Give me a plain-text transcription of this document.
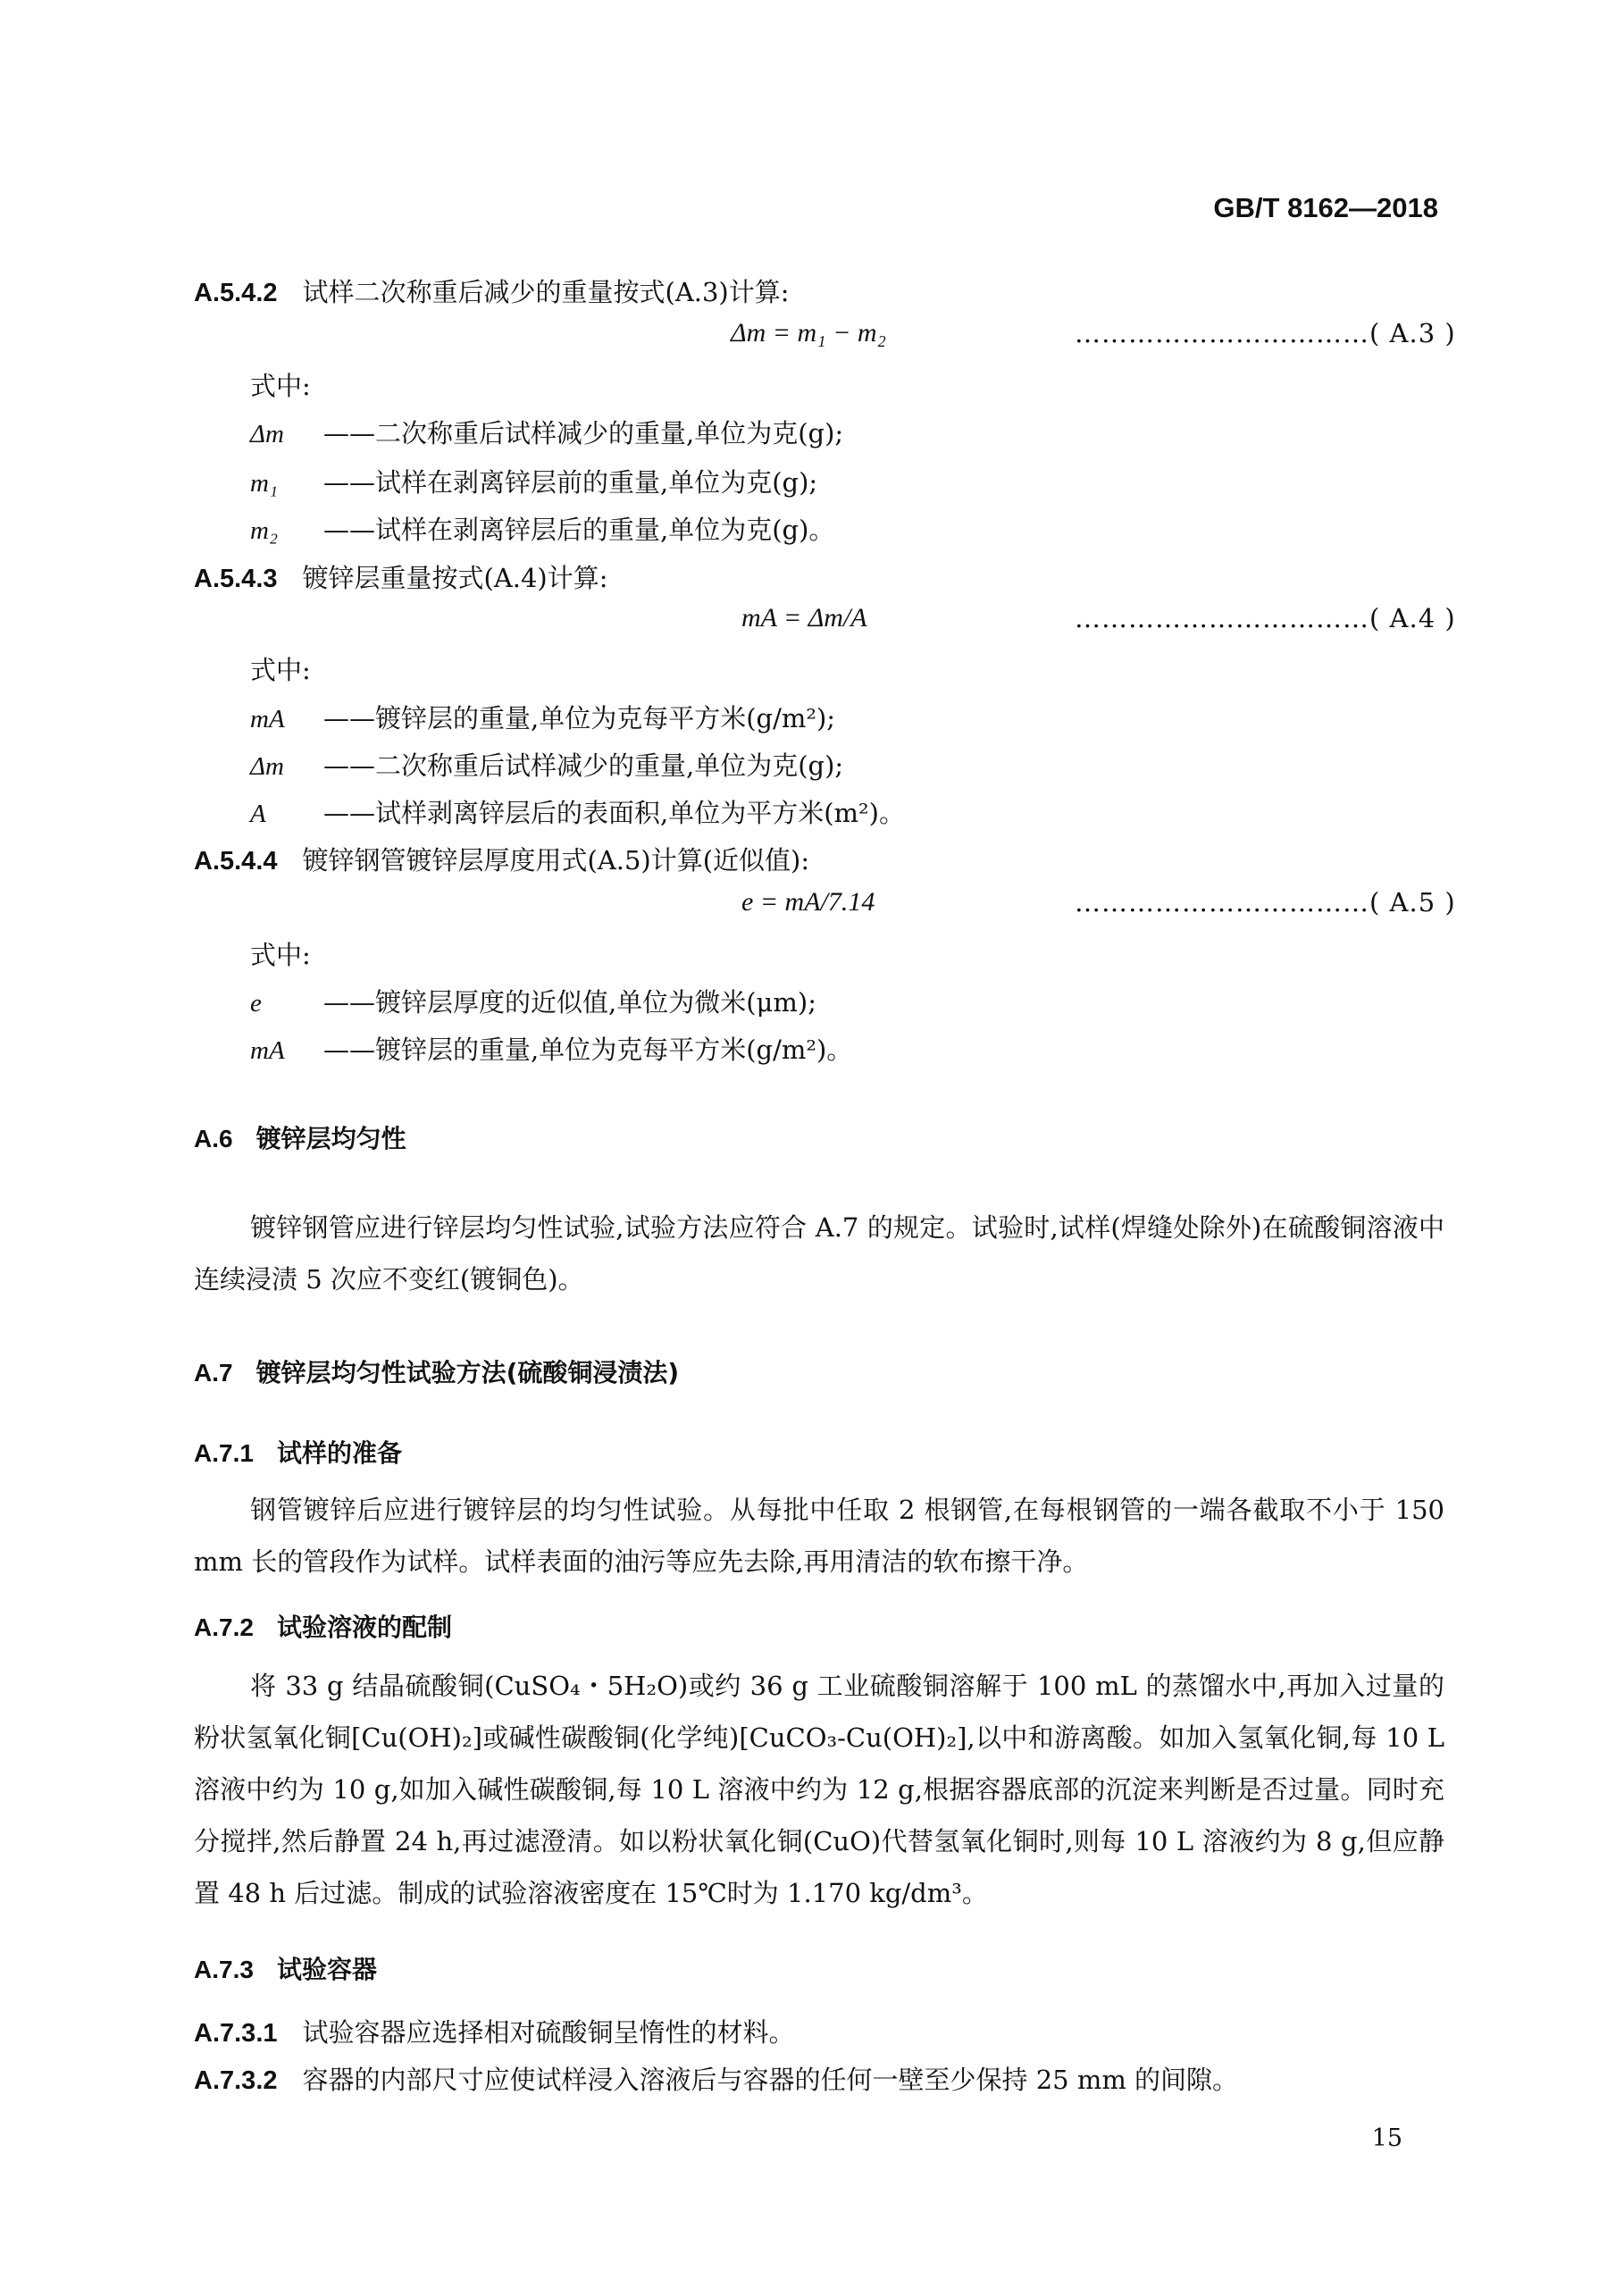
GB/T 8162—2018
A.5.4.2 试样二次称重后减少的重量按式(A.3)计算:
Δm = m₁ − m₂	……………………………( A.3 )
式中:
Δm ——二次称重后试样减少的重量,单位为克(g);
m₁ ——试样在剥离锌层前的重量,单位为克(g);
m₂ ——试样在剥离锌层后的重量,单位为克(g)。
A.5.4.3 镀锌层重量按式(A.4)计算:
mA = Δm/A	……………………………( A.4 )
式中:
mA ——镀锌层的重量,单位为克每平方米(g/m²);
Δm ——二次称重后试样减少的重量,单位为克(g);
A ——试样剥离锌层后的表面积,单位为平方米(m²)。
A.5.4.4 镀锌钢管镀锌层厚度用式(A.5)计算(近似值):
e = mA/7.14	……………………………( A.5 )
式中:
e ——镀锌层厚度的近似值,单位为微米(μm);
mA ——镀锌层的重量,单位为克每平方米(g/m²)。
A.6 镀锌层均匀性
镀锌钢管应进行锌层均匀性试验,试验方法应符合 A.7 的规定。试验时,试样(焊缝处除外)在硫酸铜溶液中连续浸渍 5 次应不变红(镀铜色)。
A.7 镀锌层均匀性试验方法(硫酸铜浸渍法)
A.7.1 试样的准备
钢管镀锌后应进行镀锌层的均匀性试验。从每批中任取 2 根钢管,在每根钢管的一端各截取不小于 150 mm 长的管段作为试样。试样表面的油污等应先去除,再用清洁的软布擦干净。
A.7.2 试验溶液的配制
将 33 g 结晶硫酸铜(CuSO₄・5H₂O)或约 36 g 工业硫酸铜溶解于 100 mL 的蒸馏水中,再加入过量的粉状氢氧化铜[Cu(OH)₂]或碱性碳酸铜(化学纯)[CuCO₃-Cu(OH)₂],以中和游离酸。如加入氢氧化铜,每 10 L 溶液中约为 10 g,如加入碱性碳酸铜,每 10 L 溶液中约为 12 g,根据容器底部的沉淀来判断是否过量。同时充分搅拌,然后静置 24 h,再过滤澄清。如以粉状氧化铜(CuO)代替氢氧化铜时,则每 10 L 溶液约为 8 g,但应静置 48 h 后过滤。制成的试验溶液密度在 15℃时为 1.170 kg/dm³。
A.7.3 试验容器
A.7.3.1 试验容器应选择相对硫酸铜呈惰性的材料。
A.7.3.2 容器的内部尺寸应使试样浸入溶液后与容器的任何一壁至少保持 25 mm 的间隙。
15
